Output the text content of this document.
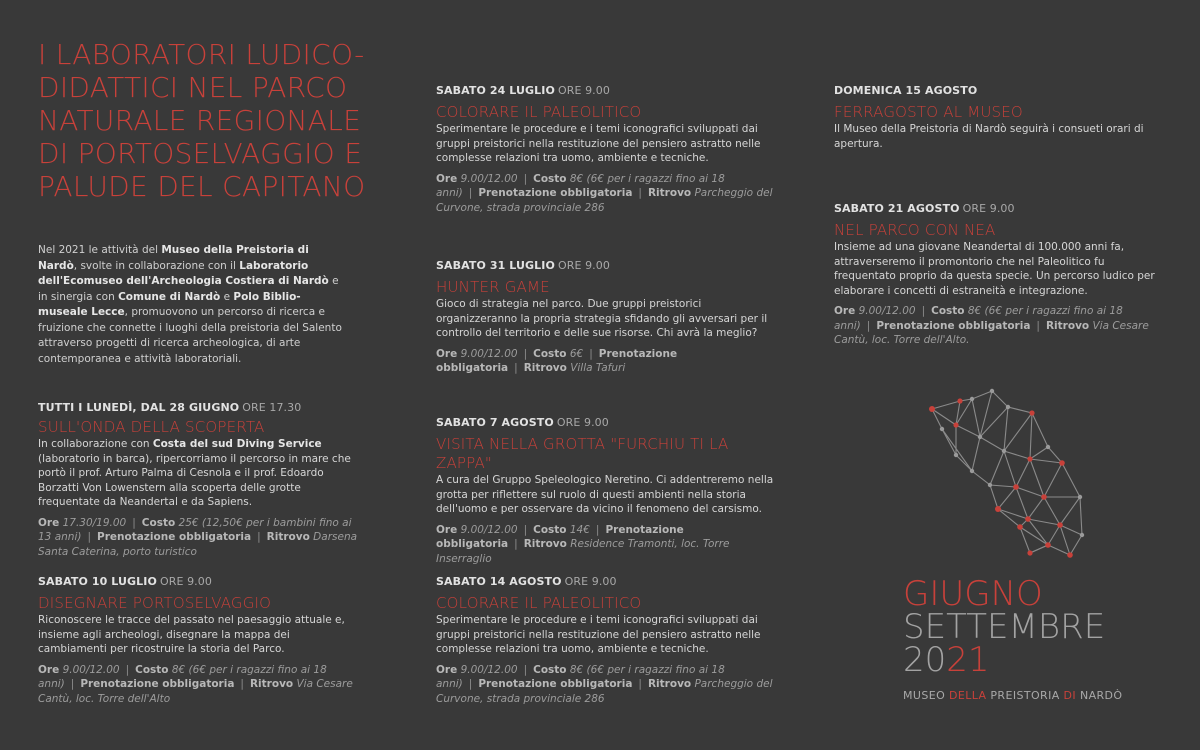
I LABORATORI LUDICO-DIDATTICI NEL PARCO NATURALE REGIONALE DI PORTOSELVAGGIO E PALUDE DEL CAPITANO

Nel 2021 le attività del Museo della Preistoria di Nardò, svolte in collaborazione con il Laboratorio dell'Ecomuseo dell'Archeologia Costiera di Nardò e in sinergia con Comune di Nardò e Polo Biblio-museale Lecce, promuovono un percorso di ricerca e fruizione che connette i luoghi della preistoria del Salento attraverso progetti di ricerca archeologica, di arte contemporanea e attività laboratoriali.

TUTTI I LUNEDÌ, DAL 28 GIUGNO ORE 17.30
SULL'ONDA DELLA SCOPERTA
In collaborazione con Costa del sud Diving Service (laboratorio in barca), ripercorriamo il percorso in mare che portò il prof. Arturo Palma di Cesnola e il prof. Edoardo Borzatti Von Lowenstern alla scoperta delle grotte frequentate da Neandertal e da Sapiens.
Ore 17.30/19.00 | Costo 25€ (12,50€ per i bambini fino ai 13 anni) | Prenotazione obbligatoria | Ritrovo Darsena Santa Caterina, porto turistico
SABATO 10 LUGLIO ORE 9.00
DISEGNARE PORTOSELVAGGIO
Riconoscere le tracce del passato nel paesaggio attuale e, insieme agli archeologi, disegnare la mappa dei cambiamenti per ricostruire la storia del Parco.
Ore 9.00/12.00 | Costo 8€ (6€ per i ragazzi fino ai 18 anni) | Prenotazione obbligatoria | Ritrovo Via Cesare Cantù, loc. Torre dell'Alto
SABATO 24 LUGLIO ORE 9.00
COLORARE IL PALEOLITICO
Sperimentare le procedure e i temi iconografici sviluppati dai gruppi preistorici nella restituzione del pensiero astratto nelle complesse relazioni tra uomo, ambiente e tecniche.
Ore 9.00/12.00 | Costo 8€ (6€ per i ragazzi fino ai 18 anni) | Prenotazione obbligatoria | Ritrovo Parcheggio del Curvone, strada provinciale 286
SABATO 31 LUGLIO ORE 9.00
HUNTER GAME
Gioco di strategia nel parco. Due gruppi preistorici organizzeranno la propria strategia sfidando gli avversari per il controllo del territorio e delle sue risorse. Chi avrà la meglio?
Ore 9.00/12.00 | Costo 6€ | Prenotazione obbligatoria | Ritrovo Villa Tafuri
SABATO 7 AGOSTO ORE 9.00
VISITA NELLA GROTTA "FURCHIU TI LA ZAPPA"
A cura del Gruppo Speleologico Neretino. Ci addentreremo nella grotta per riflettere sul ruolo di questi ambienti nella storia dell'uomo e per osservare da vicino il fenomeno del carsismo.
Ore 9.00/12.00 | Costo 14€ | Prenotazione obbligatoria | Ritrovo Residence Tramonti, loc. Torre Inserraglio
SABATO 14 AGOSTO ORE 9.00
COLORARE IL PALEOLITICO
Sperimentare le procedure e i temi iconografici sviluppati dai gruppi preistorici nella restituzione del pensiero astratto nelle complesse relazioni tra uomo, ambiente e tecniche.
Ore 9.00/12.00 | Costo 8€ (6€ per i ragazzi fino ai 18 anni) | Prenotazione obbligatoria | Ritrovo Parcheggio del Curvone, strada provinciale 286
DOMENICA 15 AGOSTO
FERRAGOSTO AL MUSEO
Il Museo della Preistoria di Nardò seguirà i consueti orari di apertura.
SABATO 21 AGOSTO ORE 9.00
NEL PARCO CON NEA
Insieme ad una giovane Neandertal di 100.000 anni fa, attraverseremo il promontorio che nel Paleolitico fu frequentato proprio da questa specie. Un percorso ludico per elaborare i concetti di estraneità e integrazione.
Ore 9.00/12.00 | Costo 8€ (6€ per i ragazzi fino ai 18 anni) | Prenotazione obbligatoria | Ritrovo Via Cesare Cantù, loc. Torre dell'Alto.
GIUGNO
SETTEMBRE
2021
MUSEO DELLA PREISTORIA DI NARDÒ
